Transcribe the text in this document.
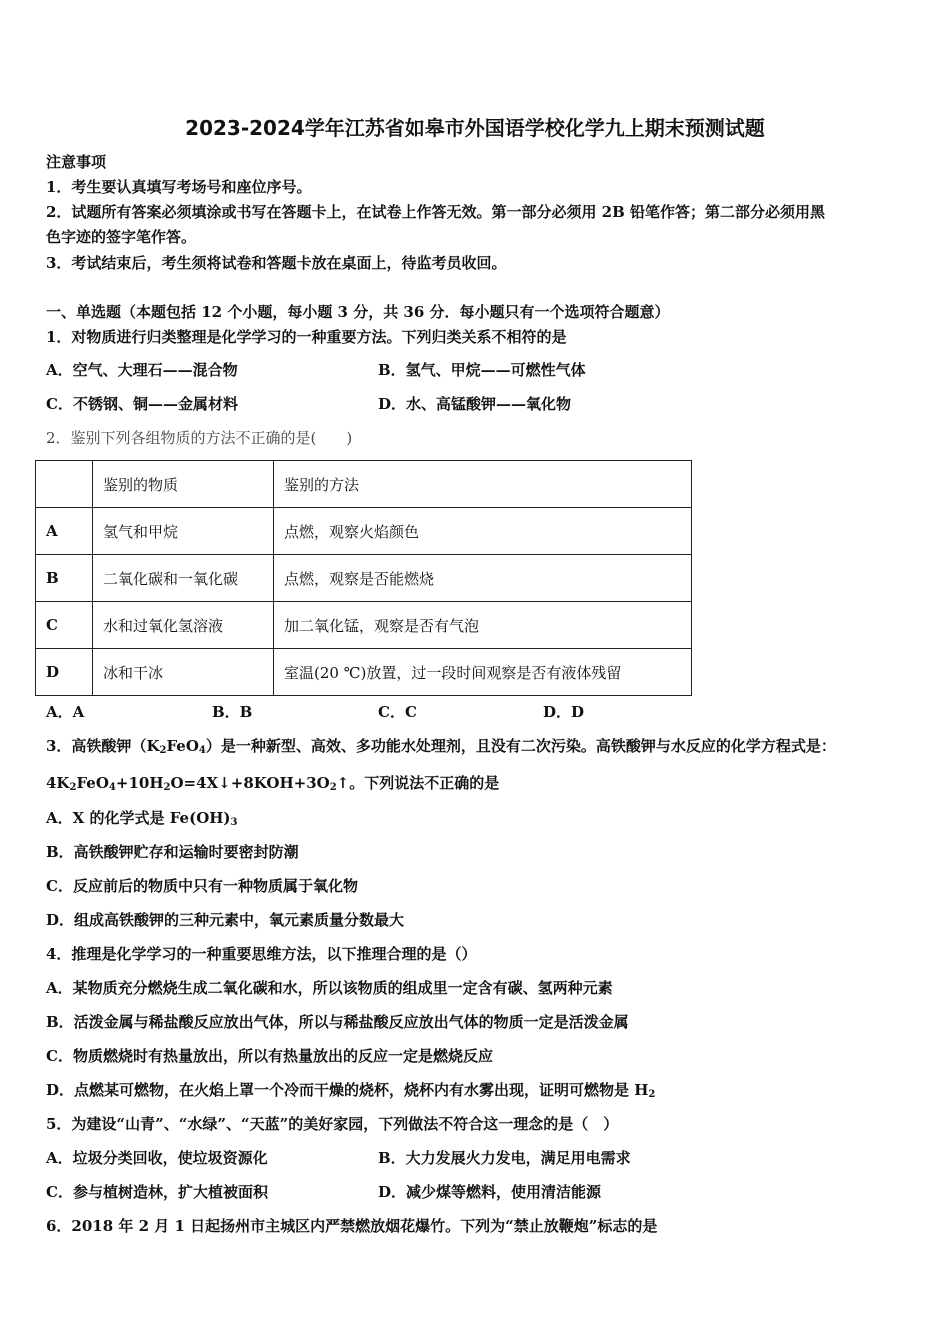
2023-2024学年江苏省如皋市外国语学校化学九上期末预测试题
注意事项
1．考生要认真填写考场号和座位序号。
2．试题所有答案必须填涂或书写在答题卡上，在试卷上作答无效。第一部分必须用 2B 铅笔作答；第二部分必须用黑
色字迹的签字笔作答。
3．考试结束后，考生须将试卷和答题卡放在桌面上，待监考员收回。
一、单选题（本题包括 12 个小题，每小题 3 分，共 36 分．每小题只有一个选项符合题意）
1．对物质进行归类整理是化学学习的一种重要方法。下列归类关系不相符的是
A．空气、大理石——混合物	B．氢气、甲烷——可燃性气体
C．不锈钢、铜——金属材料	D．水、高锰酸钾——氧化物
2．鉴别下列各组物质的方法不正确的是(　　)
	鉴别的物质	鉴别的方法
A	氢气和甲烷	点燃，观察火焰颜色
B	二氧化碳和一氧化碳	点燃，观察是否能燃烧
C	水和过氧化氢溶液	加二氧化锰，观察是否有气泡
D	冰和干冰	室温(20 ℃)放置，过一段时间观察是否有液体残留
A．A	B．B	C．C	D．D
3．高铁酸钾$(K_2FeO_4)$是一种新型、高效、多功能水处理剂，且没有二次污染。高铁酸钾与水反应的化学方程式是：
$4K_2FeO_4+10H_2O=4X↓+8KOH+3O_2↑$。下列说法不正确的是
A．X 的化学式是 $Fe(OH)_3$
B．高铁酸钾贮存和运输时要密封防潮
C．反应前后的物质中只有一种物质属于氧化物
D．组成高铁酸钾的三种元素中，氧元素质量分数最大
4．推理是化学学习的一种重要思维方法，以下推理合理的是（）
A．某物质充分燃烧生成二氧化碳和水，所以该物质的组成里一定含有碳、氢两种元素
B．活泼金属与稀盐酸反应放出气体，所以与稀盐酸反应放出气体的物质一定是活泼金属
C．物质燃烧时有热量放出，所以有热量放出的反应一定是燃烧反应
D．点燃某可燃物，在火焰上罩一个冷而干燥的烧杯，烧杯内有水雾出现，证明可燃物是 $H_2$
5．为建设“山青”、“水绿”、“天蓝”的美好家园，下列做法不符合这一理念的是（　）
A．垃圾分类回收，使垃圾资源化	B．大力发展火力发电，满足用电需求
C．参与植树造林，扩大植被面积	D．减少煤等燃料，使用清洁能源
6．2018 年 2 月 1 日起扬州市主城区内严禁燃放烟花爆竹。下列为“禁止放鞭炮”标志的是
